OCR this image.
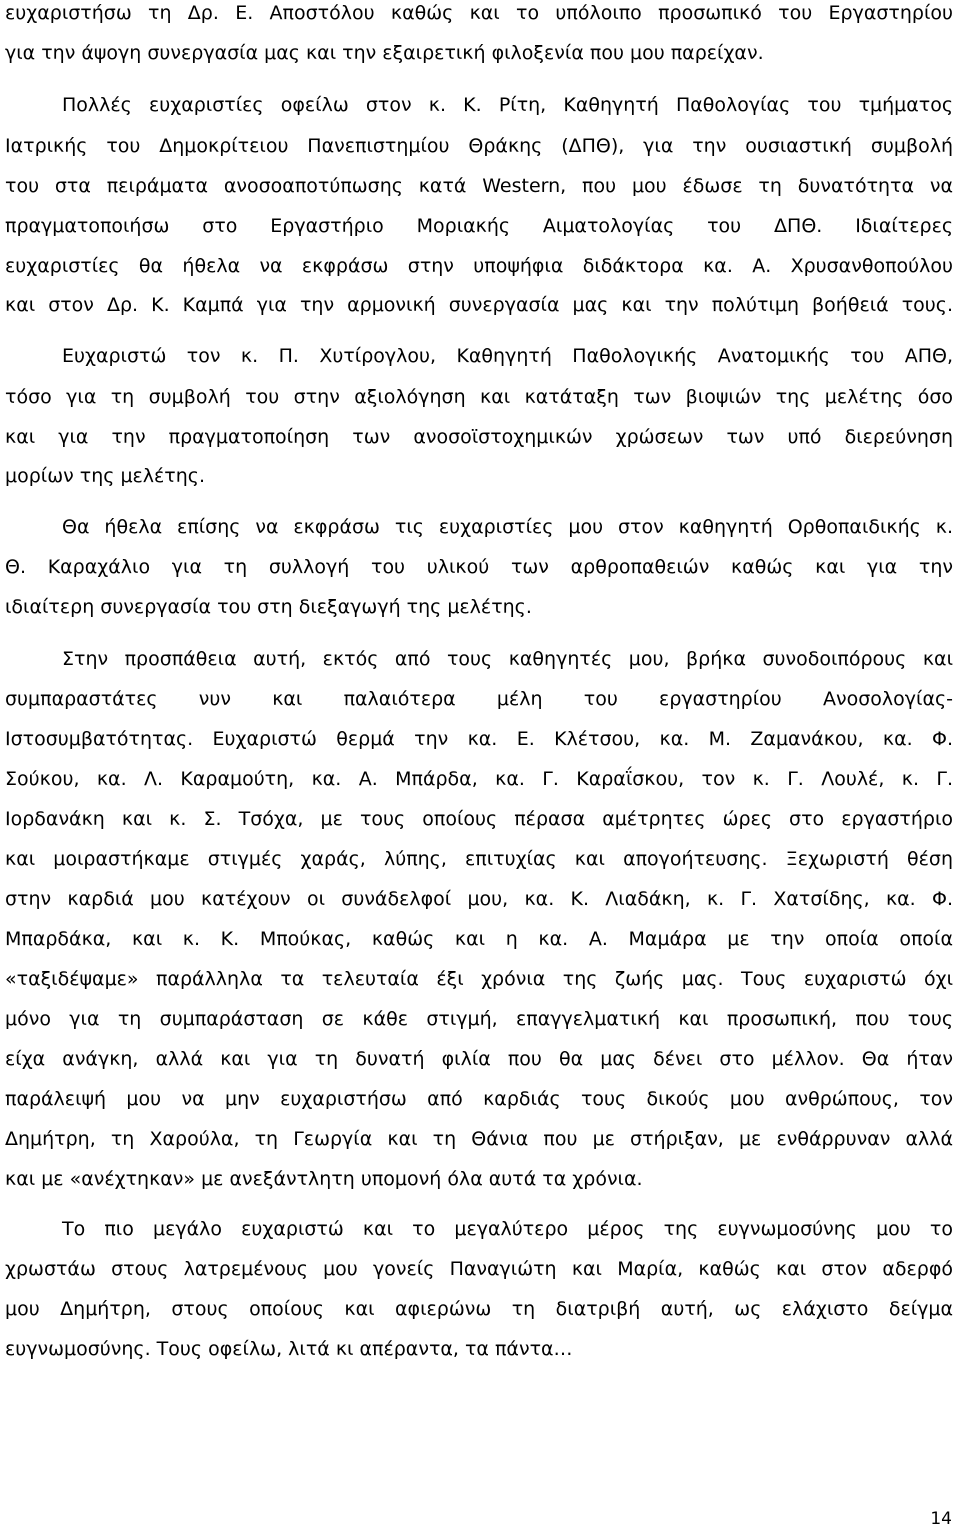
ευχαριστήσω τη Δρ. Ε. Αποστόλου καθώς και το υπόλοιπο προσωπικό του Εργαστηρίου
για την άψογη συνεργασία μας και την εξαιρετική φιλοξενία που μου παρείχαν.
Πολλές ευχαριστίες οφείλω στον κ. Κ. Ρίτη, Καθηγητή Παθολογίας του τμήματος
Ιατρικής του Δημοκρίτειου Πανεπιστημίου Θράκης (ΔΠΘ), για την ουσιαστική συμβολή
του στα πειράματα ανοσοαποτύπωσης κατά Western, που μου έδωσε τη δυνατότητα να
πραγματοποιήσω στο Εργαστήριο Μοριακής Αιματολογίας του ΔΠΘ. Ιδιαίτερες
ευχαριστίες θα ήθελα να εκφράσω στην υποψήφια διδάκτορα κα. Α. Χρυσανθοπούλου
και στον Δρ. Κ. Καμπά για την αρμονική συνεργασία μας και την πολύτιμη βοήθειά τους.
Ευχαριστώ τον κ. Π. Χυτίρογλου, Καθηγητή Παθολογικής Ανατομικής του ΑΠΘ,
τόσο για τη συμβολή του στην αξιολόγηση και κατάταξη των βιοψιών της μελέτης όσο
και για την πραγματοποίηση των ανοσοϊστοχημικών χρώσεων των υπό διερεύνηση
μορίων της μελέτης.
Θα ήθελα επίσης να εκφράσω τις ευχαριστίες μου στον καθηγητή Ορθοπαιδικής κ.
Θ. Καραχάλιο για τη συλλογή του υλικού των αρθροπαθειών καθώς και για την
ιδιαίτερη συνεργασία του στη διεξαγωγή της μελέτης.
Στην προσπάθεια αυτή, εκτός από τους καθηγητές μου, βρήκα συνοδοιπόρους και
συμπαραστάτες νυν και παλαιότερα μέλη του εργαστηρίου Ανοσολογίας-
Ιστοσυμβατότητας. Ευχαριστώ θερμά την κα. Ε. Κλέτσου, κα. Μ. Ζαμανάκου, κα. Φ.
Σούκου, κα. Λ. Καραμούτη, κα. Α. Μπάρδα, κα. Γ. Καραΐσκου, τον κ. Γ. Λουλέ, κ. Γ.
Ιορδανάκη και κ. Σ. Τσόχα, με τους οποίους πέρασα αμέτρητες ώρες στο εργαστήριο
και μοιραστήκαμε στιγμές χαράς, λύπης, επιτυχίας και απογοήτευσης. Ξεχωριστή θέση
στην καρδιά μου κατέχουν οι συνάδελφοί μου, κα. Κ. Λιαδάκη, κ. Γ. Χατσίδης, κα. Φ.
Μπαρδάκα, και κ. Κ. Μπούκας, καθώς και η κα. Α. Μαμάρα με την οποία οποία
«ταξιδέψαμε» παράλληλα τα τελευταία έξι χρόνια της ζωής μας. Τους ευχαριστώ όχι
μόνο για τη συμπαράσταση σε κάθε στιγμή, επαγγελματική και προσωπική, που τους
είχα ανάγκη, αλλά και για τη δυνατή φιλία που θα μας δένει στο μέλλον. Θα ήταν
παράλειψή μου να μην ευχαριστήσω από καρδιάς τους δικούς μου ανθρώπους, τον
Δημήτρη, τη Χαρούλα, τη Γεωργία και τη Θάνια που με στήριξαν, με ενθάρρυναν αλλά
και με «ανέχτηκαν» με ανεξάντλητη υπομονή όλα αυτά τα χρόνια.
Το πιο μεγάλο ευχαριστώ και το μεγαλύτερο μέρος της ευγνωμοσύνης μου το
χρωστάω στους λατρεμένους μου γονείς Παναγιώτη και Μαρία, καθώς και στον αδερφό
μου Δημήτρη, στους οποίους και αφιερώνω τη διατριβή αυτή, ως ελάχιστο δείγμα
ευγνωμοσύνης. Τους οφείλω, λιτά κι απέραντα, τα πάντα…
14
